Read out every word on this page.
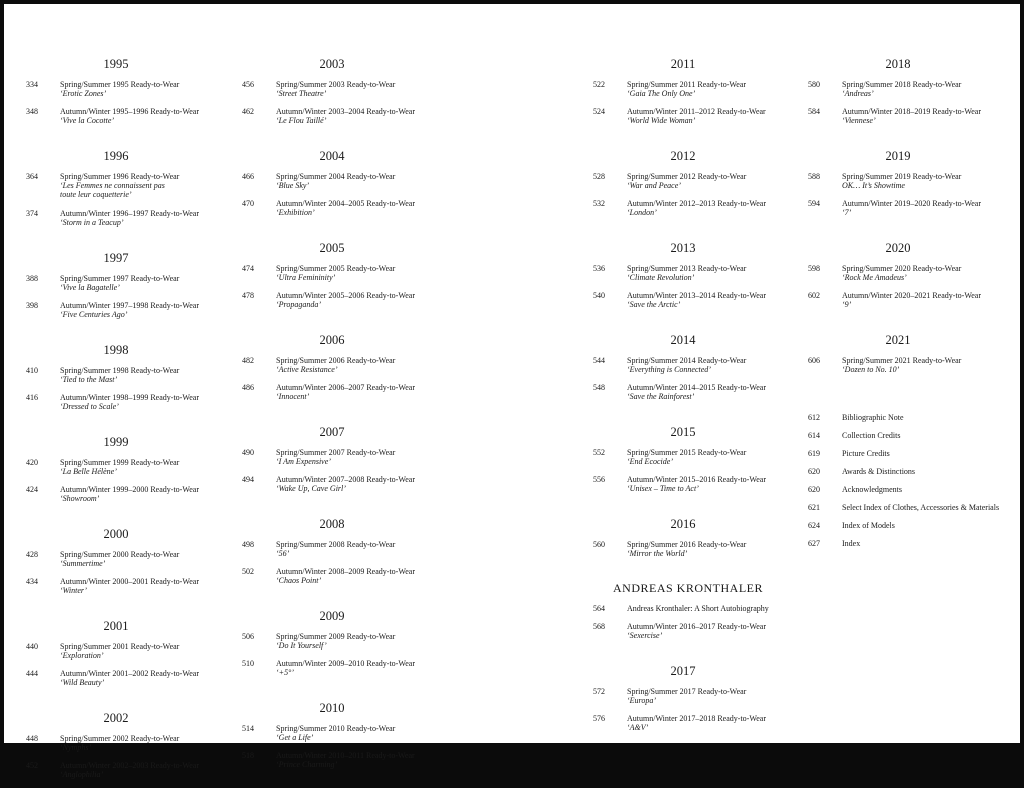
1995
334	Spring/Summer 1995 Ready-to-Wear
‘Erotic Zones’
348	Autumn/Winter 1995–1996 Ready-to-Wear
‘Vive la Cocotte’
1996
364	Spring/Summer 1996 Ready-to-Wear
‘Les Femmes ne connaissent pas toute leur coquetterie’
374	Autumn/Winter 1996–1997 Ready-to-Wear
‘Storm in a Teacup’
1997
388	Spring/Summer 1997 Ready-to-Wear
‘Vive la Bagatelle’
398	Autumn/Winter 1997–1998 Ready-to-Wear
‘Five Centuries Ago’
1998
410	Spring/Summer 1998 Ready-to-Wear
‘Tied to the Mast’
416	Autumn/Winter 1998–1999 Ready-to-Wear
‘Dressed to Scale’
1999
420	Spring/Summer 1999 Ready-to-Wear
‘La Belle Hélène’
424	Autumn/Winter 1999–2000 Ready-to-Wear
‘Showroom’
2000
428	Spring/Summer 2000 Ready-to-Wear
‘Summertime’
434	Autumn/Winter 2000–2001 Ready-to-Wear
‘Winter’
2001
440	Spring/Summer 2001 Ready-to-Wear
‘Exploration’
444	Autumn/Winter 2001–2002 Ready-to-Wear
‘Wild Beauty’
2002
448	Spring/Summer 2002 Ready-to-Wear
‘Nymphs’
452	Autumn/Winter 2002–2003 Ready-to-Wear
‘Anglophilia’
2003
456	Spring/Summer 2003 Ready-to-Wear
‘Street Theatre’
462	Autumn/Winter 2003–2004 Ready-to-Wear
‘Le Flou Taillé’
2004
466	Spring/Summer 2004 Ready-to-Wear
‘Blue Sky’
470	Autumn/Winter 2004–2005 Ready-to-Wear
‘Exhibition’
2005
474	Spring/Summer 2005 Ready-to-Wear
‘Ultra Femininity’
478	Autumn/Winter 2005–2006 Ready-to-Wear
‘Propaganda’
2006
482	Spring/Summer 2006 Ready-to-Wear
‘Active Resistance’
486	Autumn/Winter 2006–2007 Ready-to-Wear
‘Innocent’
2007
490	Spring/Summer 2007 Ready-to-Wear
‘I Am Expensive’
494	Autumn/Winter 2007–2008 Ready-to-Wear
‘Wake Up, Cave Girl’
2008
498	Spring/Summer 2008 Ready-to-Wear
‘56’
502	Autumn/Winter 2008–2009 Ready-to-Wear
‘Chaos Point’
2009
506	Spring/Summer 2009 Ready-to-Wear
‘Do It Yourself’
510	Autumn/Winter 2009–2010 Ready-to-Wear
‘+5°’
2010
514	Spring/Summer 2010 Ready-to-Wear
‘Get a Life’
518	Autumn/Winter 2010–2011 Ready-to-Wear
‘Prince Charming’
2011
522	Spring/Summer 2011 Ready-to-Wear
‘Gaia The Only One’
524	Autumn/Winter 2011–2012 Ready-to-Wear
‘World Wide Woman’
2012
528	Spring/Summer 2012 Ready-to-Wear
‘War and Peace’
532	Autumn/Winter 2012–2013 Ready-to-Wear
‘London’
2013
536	Spring/Summer 2013 Ready-to-Wear
‘Climate Revolution’
540	Autumn/Winter 2013–2014 Ready-to-Wear
‘Save the Arctic’
2014
544	Spring/Summer 2014 Ready-to-Wear
‘Everything is Connected’
548	Autumn/Winter 2014–2015 Ready-to-Wear
‘Save the Rainforest’
2015
552	Spring/Summer 2015 Ready-to-Wear
‘End Ecocide’
556	Autumn/Winter 2015–2016 Ready-to-Wear
‘Unisex – Time to Act’
2016
560	Spring/Summer 2016 Ready-to-Wear
‘Mirror the World’
ANDREAS KRONTHALER
564	Andreas Kronthaler: A Short Autobiography
568	Autumn/Winter 2016–2017 Ready-to-Wear
‘Sexercise’
2017
572	Spring/Summer 2017 Ready-to-Wear
‘Europa’
576	Autumn/Winter 2017–2018 Ready-to-Wear
‘A&V’
2018
580	Spring/Summer 2018 Ready-to-Wear
‘Andreas’
584	Autumn/Winter 2018–2019 Ready-to-Wear
‘Viennese’
2019
588	Spring/Summer 2019 Ready-to-Wear
OK… It’s Showtime
594	Autumn/Winter 2019–2020 Ready-to-Wear
‘7’
2020
598	Spring/Summer 2020 Ready-to-Wear
‘Rock Me Amadeus’
602	Autumn/Winter 2020–2021 Ready-to-Wear
‘9’
2021
606	Spring/Summer 2021 Ready-to-Wear
‘Dozen to No. 10’
612	Bibliographic Note
614	Collection Credits
619	Picture Credits
620	Awards & Distinctions
620	Acknowledgments
621	Select Index of Clothes, Accessories & Materials
624	Index of Models
627	Index
